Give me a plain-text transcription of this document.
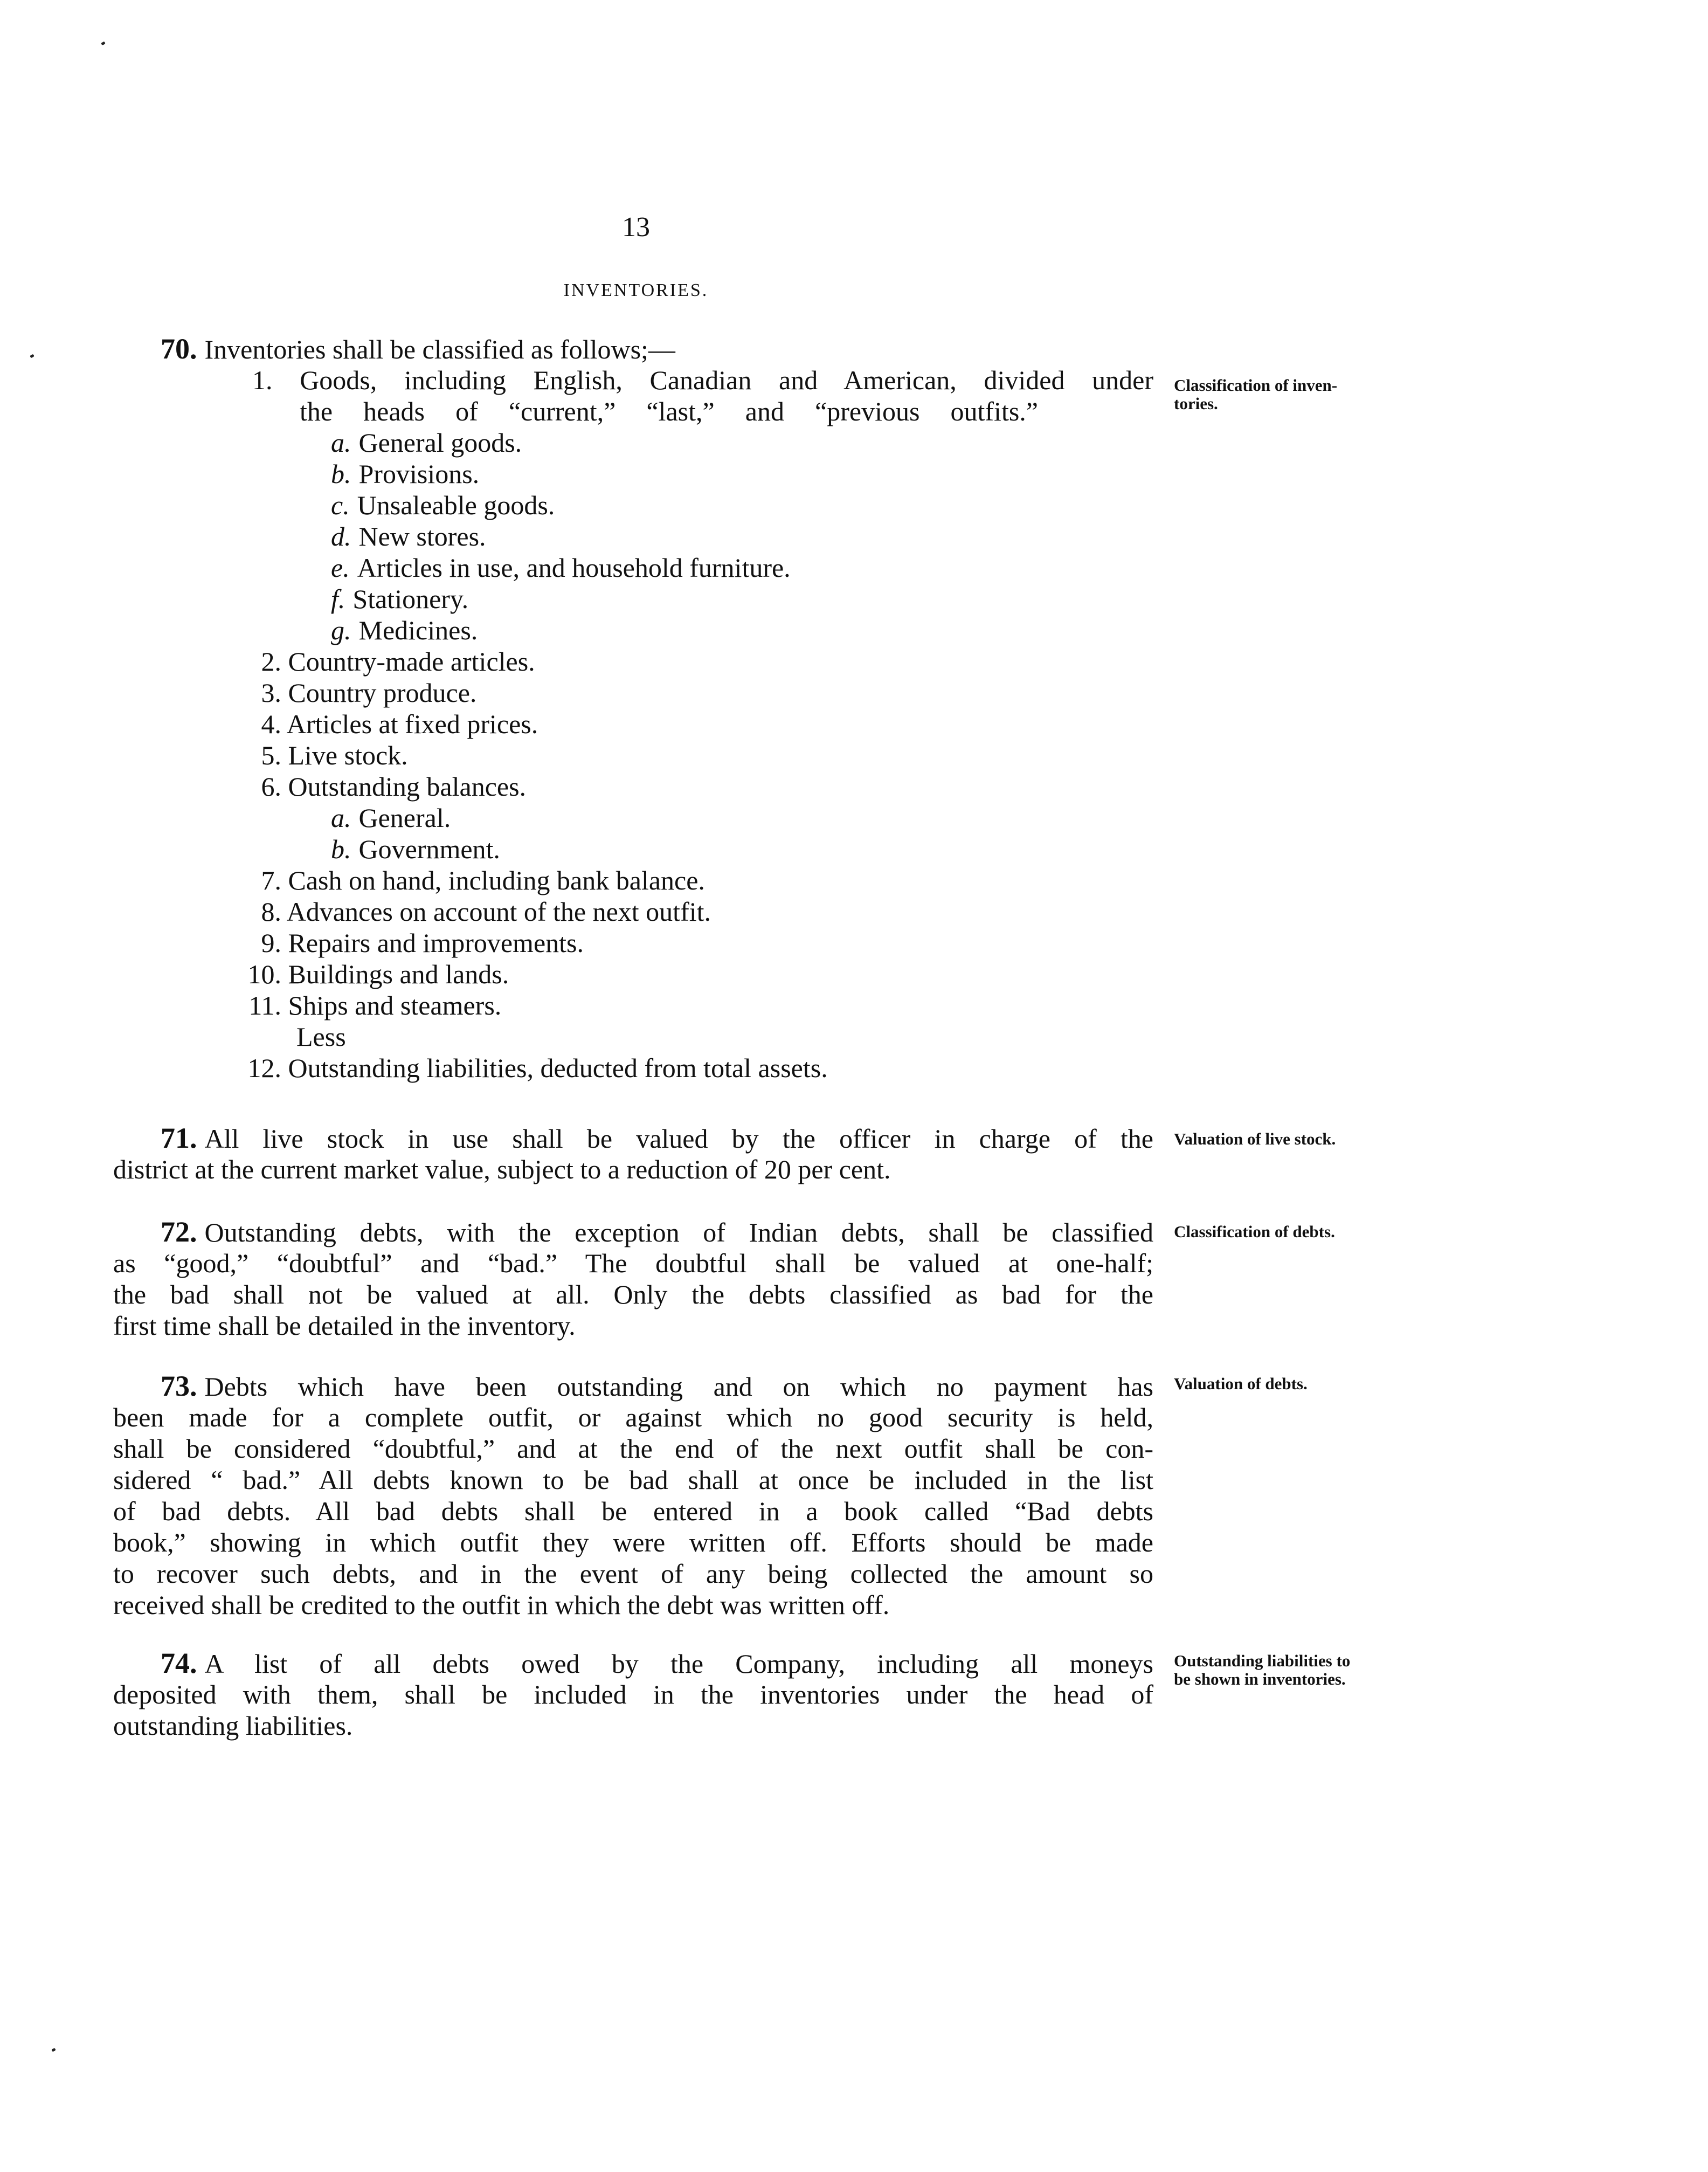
13
INVENTORIES.
70. Inventories shall be classified as follows;—
Classification of inven-
tories.
1. Goods, including English, Canadian and American, divided under
the heads of “current,” “last,” and “previous outfits.”
a. General goods.
b. Provisions.
c. Unsaleable goods.
d. New stores.
e. Articles in use, and household furniture.
f. Stationery.
g. Medicines.
2. Country-made articles.
3. Country produce.
4. Articles at fixed prices.
5. Live stock.
6. Outstanding balances.
a. General.
b. Government.
7. Cash on hand, including bank balance.
8. Advances on account of the next outfit.
9. Repairs and improvements.
10. Buildings and lands.
11. Ships and steamers.
Less
12. Outstanding liabilities, deducted from total assets.
71. All live stock in use shall be valued by the officer in charge of the
district at the current market value, subject to a reduction of 20 per cent.
Valuation of live stock.
72. Outstanding debts, with the exception of Indian debts, shall be classified
as “good,” “doubtful” and “bad.” The doubtful shall be valued at one-half;
the bad shall not be valued at all. Only the debts classified as bad for the
first time shall be detailed in the inventory.
Classification of debts.
73. Debts which have been outstanding and on which no payment has
been made for a complete outfit, or against which no good security is held,
shall be considered “doubtful,” and at the end of the next outfit shall be con-
sidered “ bad.” All debts known to be bad shall at once be included in the list
of bad debts. All bad debts shall be entered in a book called “Bad debts
book,” showing in which outfit they were written off. Efforts should be made
to recover such debts, and in the event of any being collected the amount so
received shall be credited to the outfit in which the debt was written off.
Valuation of debts.
74. A list of all debts owed by the Company, including all moneys
deposited with them, shall be included in the inventories under the head of
outstanding liabilities.
Outstanding liabilities to
be shown in inventories.
